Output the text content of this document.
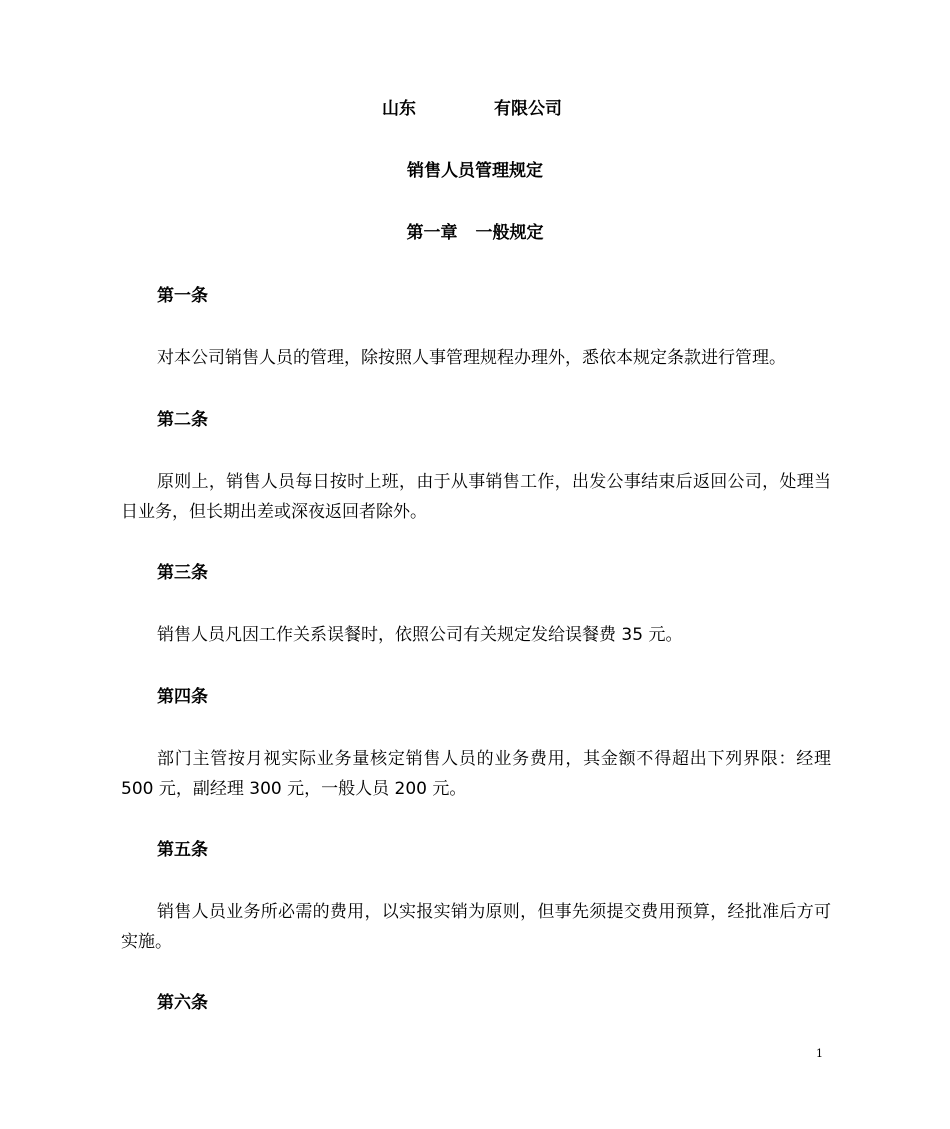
山东	有限公司
销售人员管理规定
第一章 一般规定
第一条
对本公司销售人员的管理，除按照人事管理规程办理外，悉依本规定条款进行管理。
第二条
原则上，销售人员每日按时上班，由于从事销售工作，出发公事结束后返回公司，处理当日业务，但长期出差或深夜返回者除外。
第三条
销售人员凡因工作关系误餐时，依照公司有关规定发给误餐费 35 元。
第四条
部门主管按月视实际业务量核定销售人员的业务费用，其金额不得超出下列界限：经理 500 元，副经理 300 元，一般人员 200 元。
第五条
销售人员业务所必需的费用，以实报实销为原则，但事先须提交费用预算，经批准后方可实施。
第六条
1
